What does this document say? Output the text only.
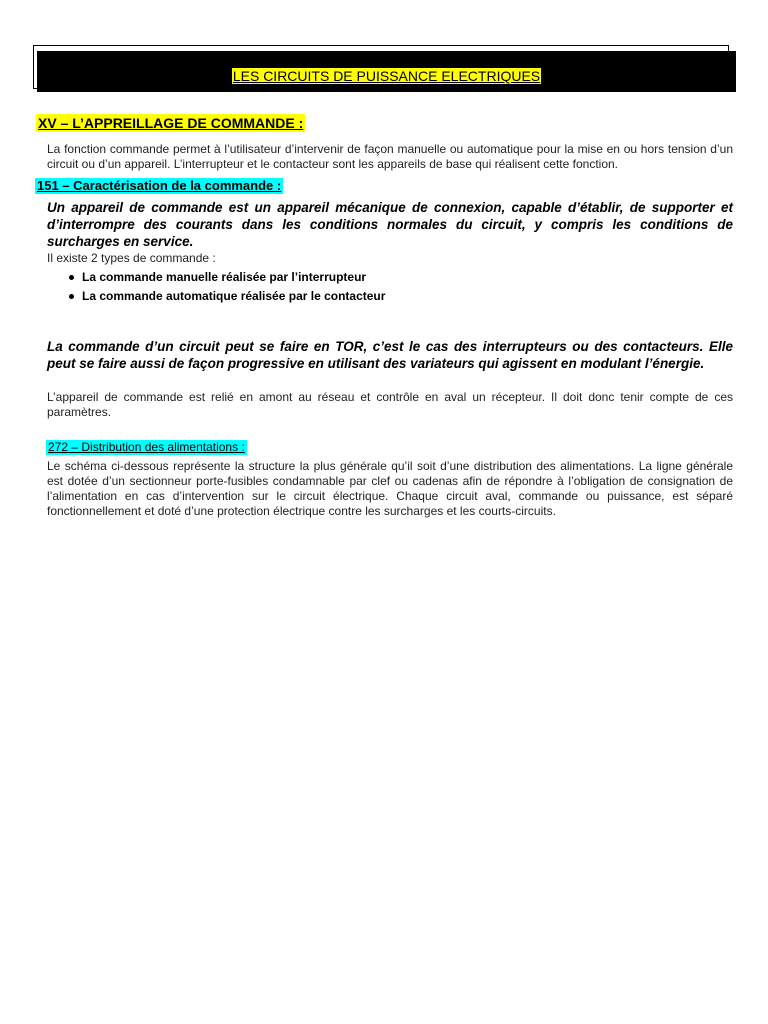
LES CIRCUITS DE PUISSANCE ELECTRIQUES
XV – L’APPREILLAGE DE COMMANDE :
La fonction commande permet à l’utilisateur d’intervenir de façon manuelle ou automatique pour la mise en ou hors tension d’un circuit ou d’un appareil. L’interrupteur et le contacteur sont les appareils de base qui réalisent cette fonction.
151 – Caractérisation de la commande :
Un appareil de commande est un appareil mécanique de connexion, capable d’établir, de supporter et d’interrompre des courants dans les conditions normales du circuit, y compris les conditions de surcharges en service.
Il existe 2 types de commande :
La commande manuelle réalisée par l’interrupteur
La commande automatique réalisée par le contacteur
La commande d’un circuit peut se faire en TOR, c’est le cas des interrupteurs ou des contacteurs. Elle peut se faire aussi de façon progressive en utilisant des variateurs qui agissent en modulant l’énergie.
L’appareil de commande est relié en amont au réseau et contrôle en aval un récepteur. Il doit donc tenir compte de ces paramètres.
272 – Distribution des alimentations :
Le schéma ci-dessous représente la structure la plus générale qu’il soit d’une distribution des alimentations. La ligne générale est dotée d’un sectionneur porte-fusibles condamnable par clef ou cadenas afin de répondre à l’obligation de consignation de l’alimentation en cas d’intervention sur le circuit électrique. Chaque circuit aval, commande ou puissance, est séparé fonctionnellement et doté d’une protection électrique contre les surcharges et les courts-circuits.
